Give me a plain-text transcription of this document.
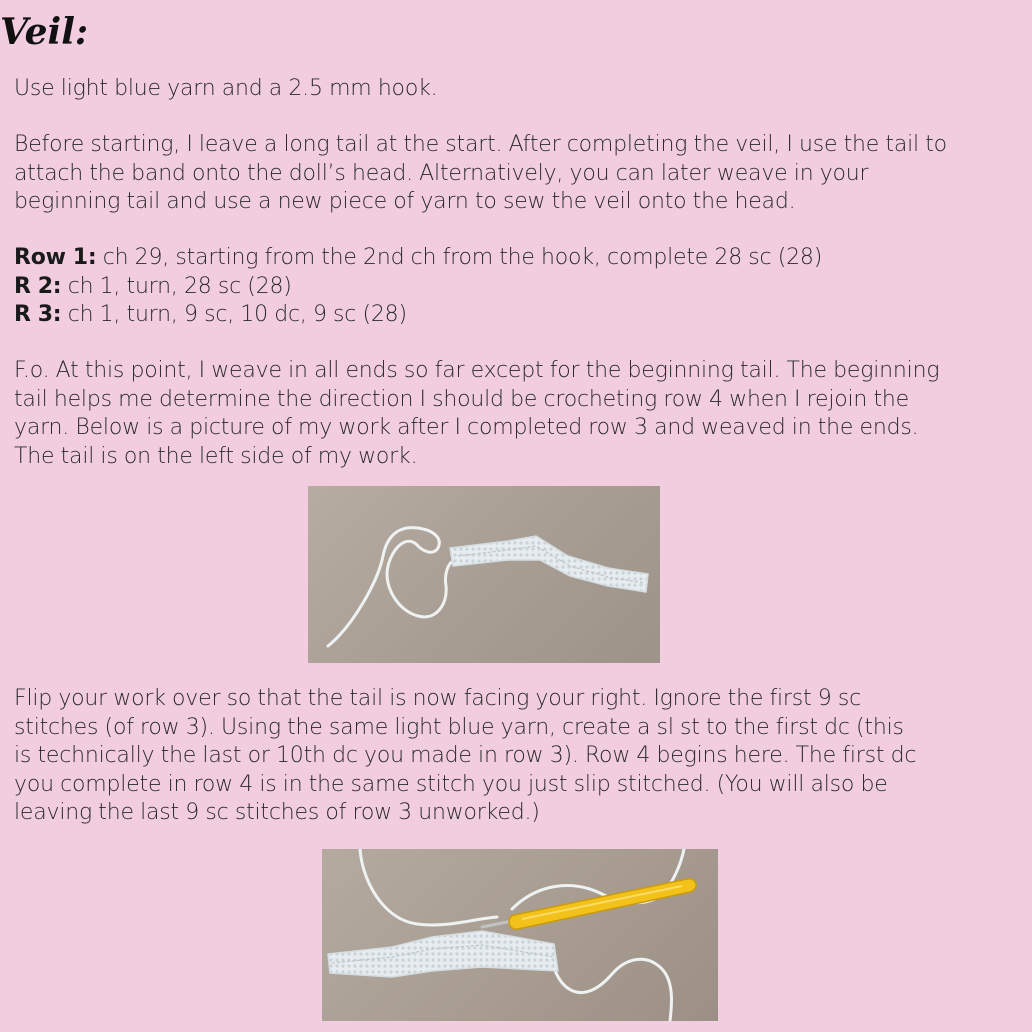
Veil:

Use light blue yarn and a 2.5 mm hook.

Before starting, I leave a long tail at the start. After completing the veil, I use the tail to
attach the band onto the doll’s head. Alternatively, you can later weave in your
beginning tail and use a new piece of yarn to sew the veil onto the head.

Row 1: ch 29, starting from the 2nd ch from the hook, complete 28 sc (28)
R 2: ch 1, turn, 28 sc (28)
R 3: ch 1, turn, 9 sc, 10 dc, 9 sc (28)

F.o. At this point, I weave in all ends so far except for the beginning tail. The beginning
tail helps me determine the direction I should be crocheting row 4 when I rejoin the
yarn. Below is a picture of my work after I completed row 3 and weaved in the ends.
The tail is on the left side of my work.

Flip your work over so that the tail is now facing your right. Ignore the first 9 sc
stitches (of row 3). Using the same light blue yarn, create a sl st to the first dc (this
is technically the last or 10th dc you made in row 3). Row 4 begins here. The first dc
you complete in row 4 is in the same stitch you just slip stitched. (You will also be
leaving the last 9 sc stitches of row 3 unworked.)
